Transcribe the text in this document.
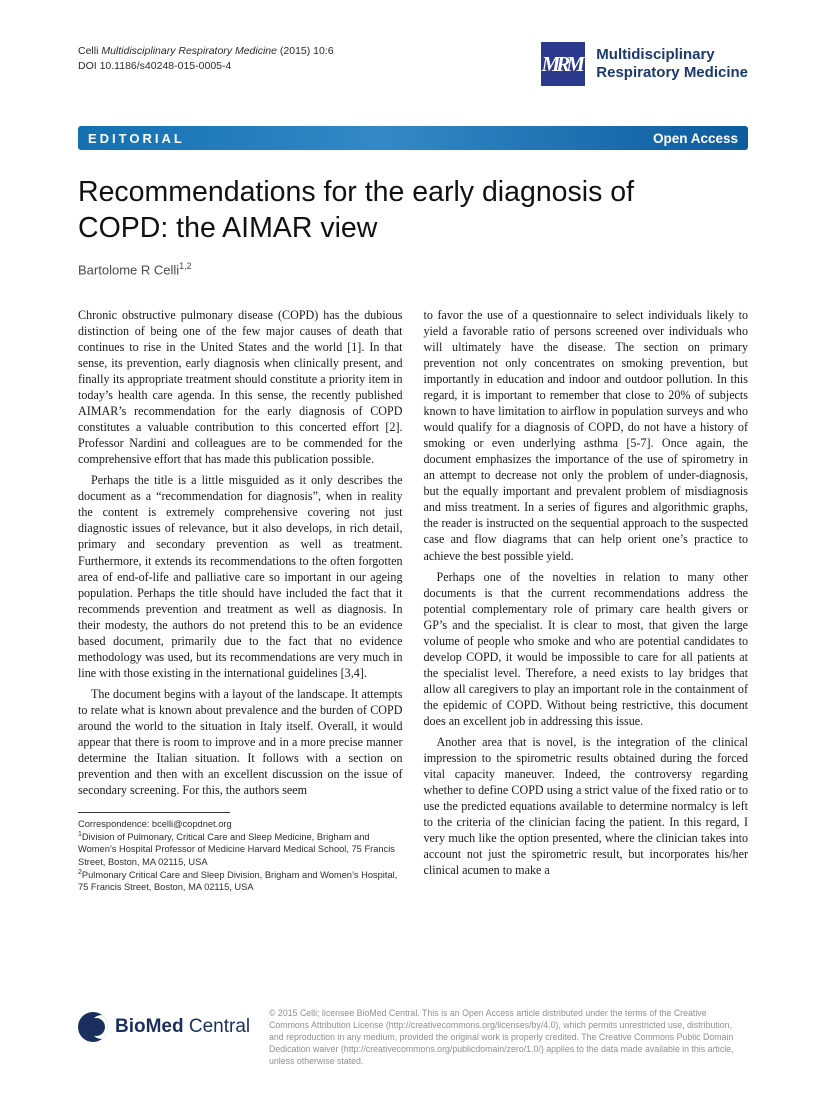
Celli Multidisciplinary Respiratory Medicine (2015) 10:6
DOI 10.1186/s40248-015-0005-4	MRM Multidisciplinary
Respiratory Medicine
EDITORIAL	Open Access
Recommendations for the early diagnosis of COPD: the AIMAR view
Bartolome R Celli$^{1,2}$

Chronic obstructive pulmonary disease (COPD) has the dubious distinction of being one of the few major causes of death that continues to rise in the United States and the world [1]. In that sense, its prevention, early diagnosis when clinically present, and finally its appropriate treatment should constitute a priority item in today’s health care agenda. In this sense, the recently published AIMAR’s recommendation for the early diagnosis of COPD constitutes a valuable contribution to this concerted effort [2]. Professor Nardini and colleagues are to be commended for the comprehensive effort that has made this publication possible.

Perhaps the title is a little misguided as it only describes the document as a “recommendation for diagnosis”, when in reality the content is extremely comprehensive covering not just diagnostic issues of relevance, but it also develops, in rich detail, primary and secondary prevention as well as treatment. Furthermore, it extends its recommendations to the often forgotten area of end-of-life and palliative care so important in our ageing population. Perhaps the title should have included the fact that it recommends prevention and treatment as well as diagnosis. In their modesty, the authors do not pretend this to be an evidence based document, primarily due to the fact that no evidence methodology was used, but its recommendations are very much in line with those existing in the international guidelines [3,4].

The document begins with a layout of the landscape. It attempts to relate what is known about prevalence and the burden of COPD around the world to the situation in Italy itself. Overall, it would appear that there is room to improve and in a more precise manner determine the Italian situation. It follows with a section on prevention and then with an excellent discussion on the issue of secondary screening. For this, the authors seem

Correspondence: bcelli@copdnet.org
$^1$Division of Pulmonary, Critical Care and Sleep Medicine, Brigham and Women’s Hospital Professor of Medicine Harvard Medical School, 75 Francis Street, Boston, MA 02115, USA
$^2$Pulmonary Critical Care and Sleep Division, Brigham and Women’s Hospital, 75 Francis Street, Boston, MA 02115, USA

to favor the use of a questionnaire to select individuals likely to yield a favorable ratio of persons screened over individuals who will ultimately have the disease. The section on primary prevention not only concentrates on smoking prevention, but importantly in education and indoor and outdoor pollution. In this regard, it is important to remember that close to 20% of subjects known to have limitation to airflow in population surveys and who would qualify for a diagnosis of COPD, do not have a history of smoking or even underlying asthma [5-7]. Once again, the document emphasizes the importance of the use of spirometry in an attempt to decrease not only the problem of under-diagnosis, but the equally important and prevalent problem of misdiagnosis and miss treatment. In a series of figures and algorithmic graphs, the reader is instructed on the sequential approach to the suspected case and flow diagrams that can help orient one’s practice to achieve the best possible yield.

Perhaps one of the novelties in relation to many other documents is that the current recommendations address the potential complementary role of primary care health givers or GP’s and the specialist. It is clear to most, that given the large volume of people who smoke and who are potential candidates to develop COPD, it would be impossible to care for all patients at the specialist level. Therefore, a need exists to lay bridges that allow all caregivers to play an important role in the containment of the epidemic of COPD. Without being restrictive, this document does an excellent job in addressing this issue.

Another area that is novel, is the integration of the clinical impression to the spirometric results obtained during the forced vital capacity maneuver. Indeed, the controversy regarding whether to define COPD using a strict value of the fixed ratio or to use the predicted equations available to determine normalcy is left to the criteria of the clinician facing the patient. In this regard, I very much like the option presented, where the clinician takes into account not just the spirometric result, but incorporates his/her clinical acumen to make a

BioMed Central
© 2015 Celli; licensee BioMed Central. This is an Open Access article distributed under the terms of the Creative Commons Attribution License (http://creativecommons.org/licenses/by/4.0), which permits unrestricted use, distribution, and reproduction in any medium, provided the original work is properly credited. The Creative Commons Public Domain Dedication waiver (http://creativecommons.org/publicdomain/zero/1.0/) applies to the data made available in this article, unless otherwise stated.
